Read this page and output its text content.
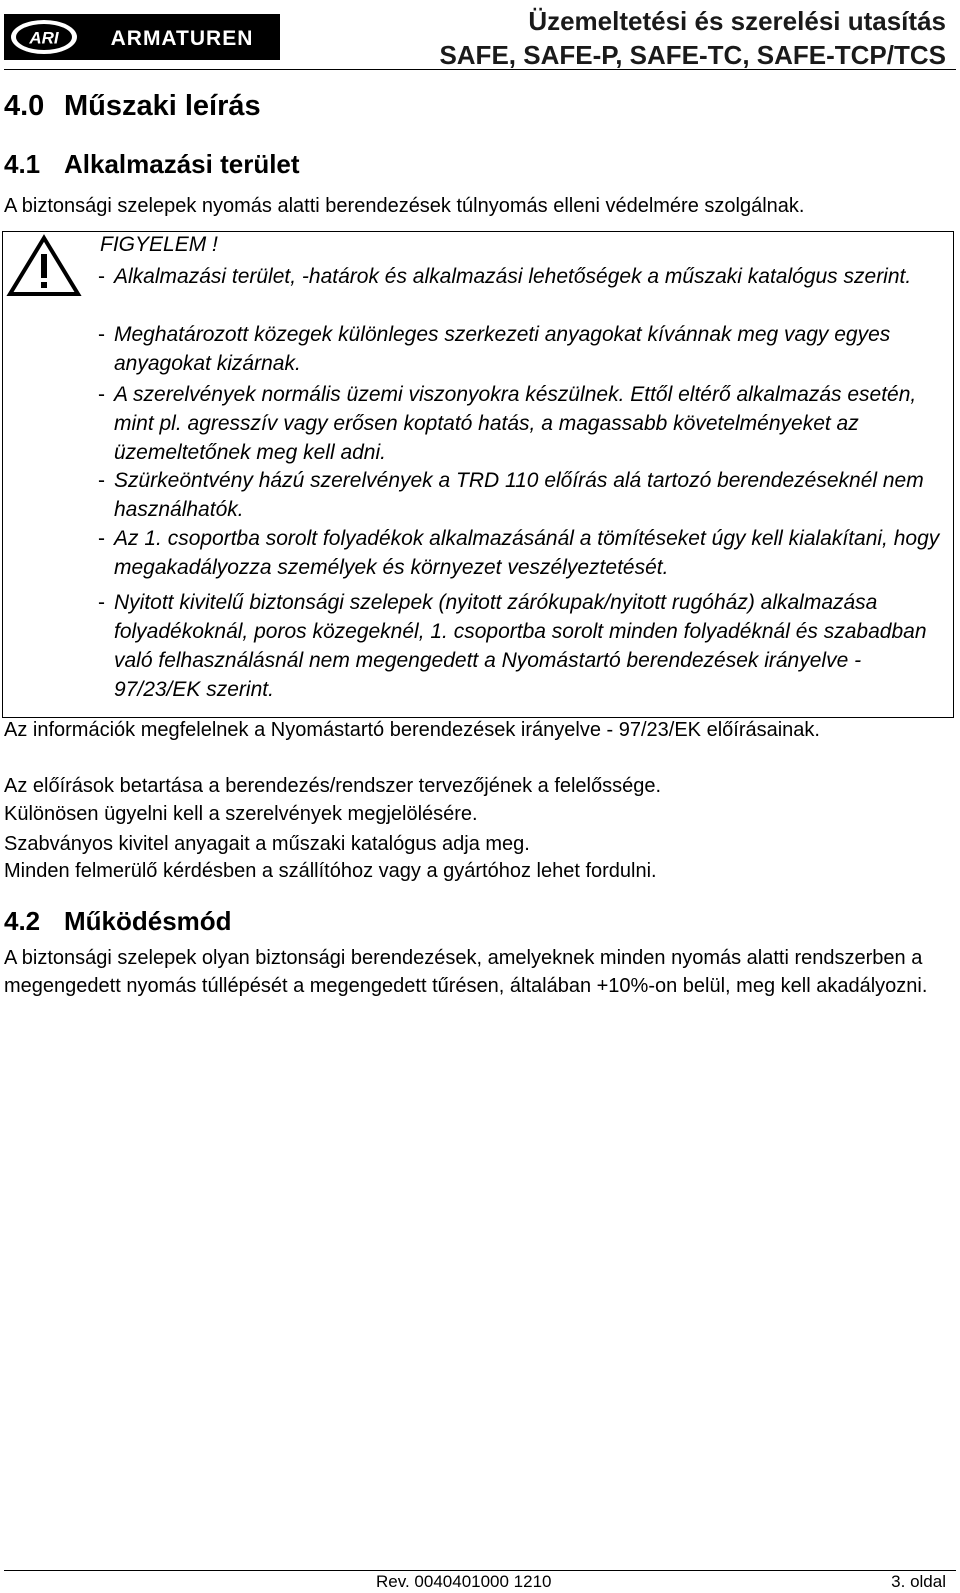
ARI ARMATUREN
Üzemeltetési és szerelési utasítás
SAFE, SAFE-P, SAFE-TC, SAFE-TCP/TCS
4.0 Műszaki leírás
4.1 Alkalmazási terület

A biztonsági szelepek nyomás alatti berendezések túlnyomás elleni védelmére szolgálnak.

FIGYELEM !
- Alkalmazási terület, -határok és alkalmazási lehetőségek a műszaki katalógus szerint.
- Meghatározott közegek különleges szerkezeti anyagokat kívánnak meg vagy egyes anyagokat kizárnak.
- A szerelvények normális üzemi viszonyokra készülnek. Ettől eltérő alkalmazás esetén, mint pl. agresszív vagy erősen koptató hatás, a magassabb követelményeket az üzemeltetőnek meg kell adni.
- Szürkeöntvény házú szerelvények a TRD 110 előírás alá tartozó berendezéseknél nem használhatók.
- Az 1. csoportba sorolt folyadékok alkalmazásánál a tömítéseket úgy kell kialakítani, hogy megakadályozza személyek és környezet veszélyeztetését.
- Nyitott kivitelű biztonsági szelepek (nyitott zárókupak/nyitott rugóház) alkalmazása folyadékoknál, poros közegeknél, 1. csoportba sorolt minden folyadéknál és szabadban való felhasználásnál nem megengedett a Nyomástartó berendezések irányelve - 97/23/EK szerint.

Az információk megfelelnek a Nyomástartó berendezések irányelve - 97/23/EK előírásainak.

Az előírások betartása a berendezés/rendszer tervezőjének a felelőssége.

Különösen ügyelni kell a szerelvények megjelölésére.

Szabványos kivitel anyagait a műszaki katalógus adja meg.

Minden felmerülő kérdésben a szállítóhoz vagy a gyártóhoz lehet fordulni.

4.2 Működésmód

A biztonsági szelepek olyan biztonsági berendezések, amelyeknek minden nyomás alatti rendszerben a megengedett nyomás túllépését a megengedett tűrésen, általában +10%-on belül, meg kell akadályozni.

Rev. 0040401000 1210	3. oldal
